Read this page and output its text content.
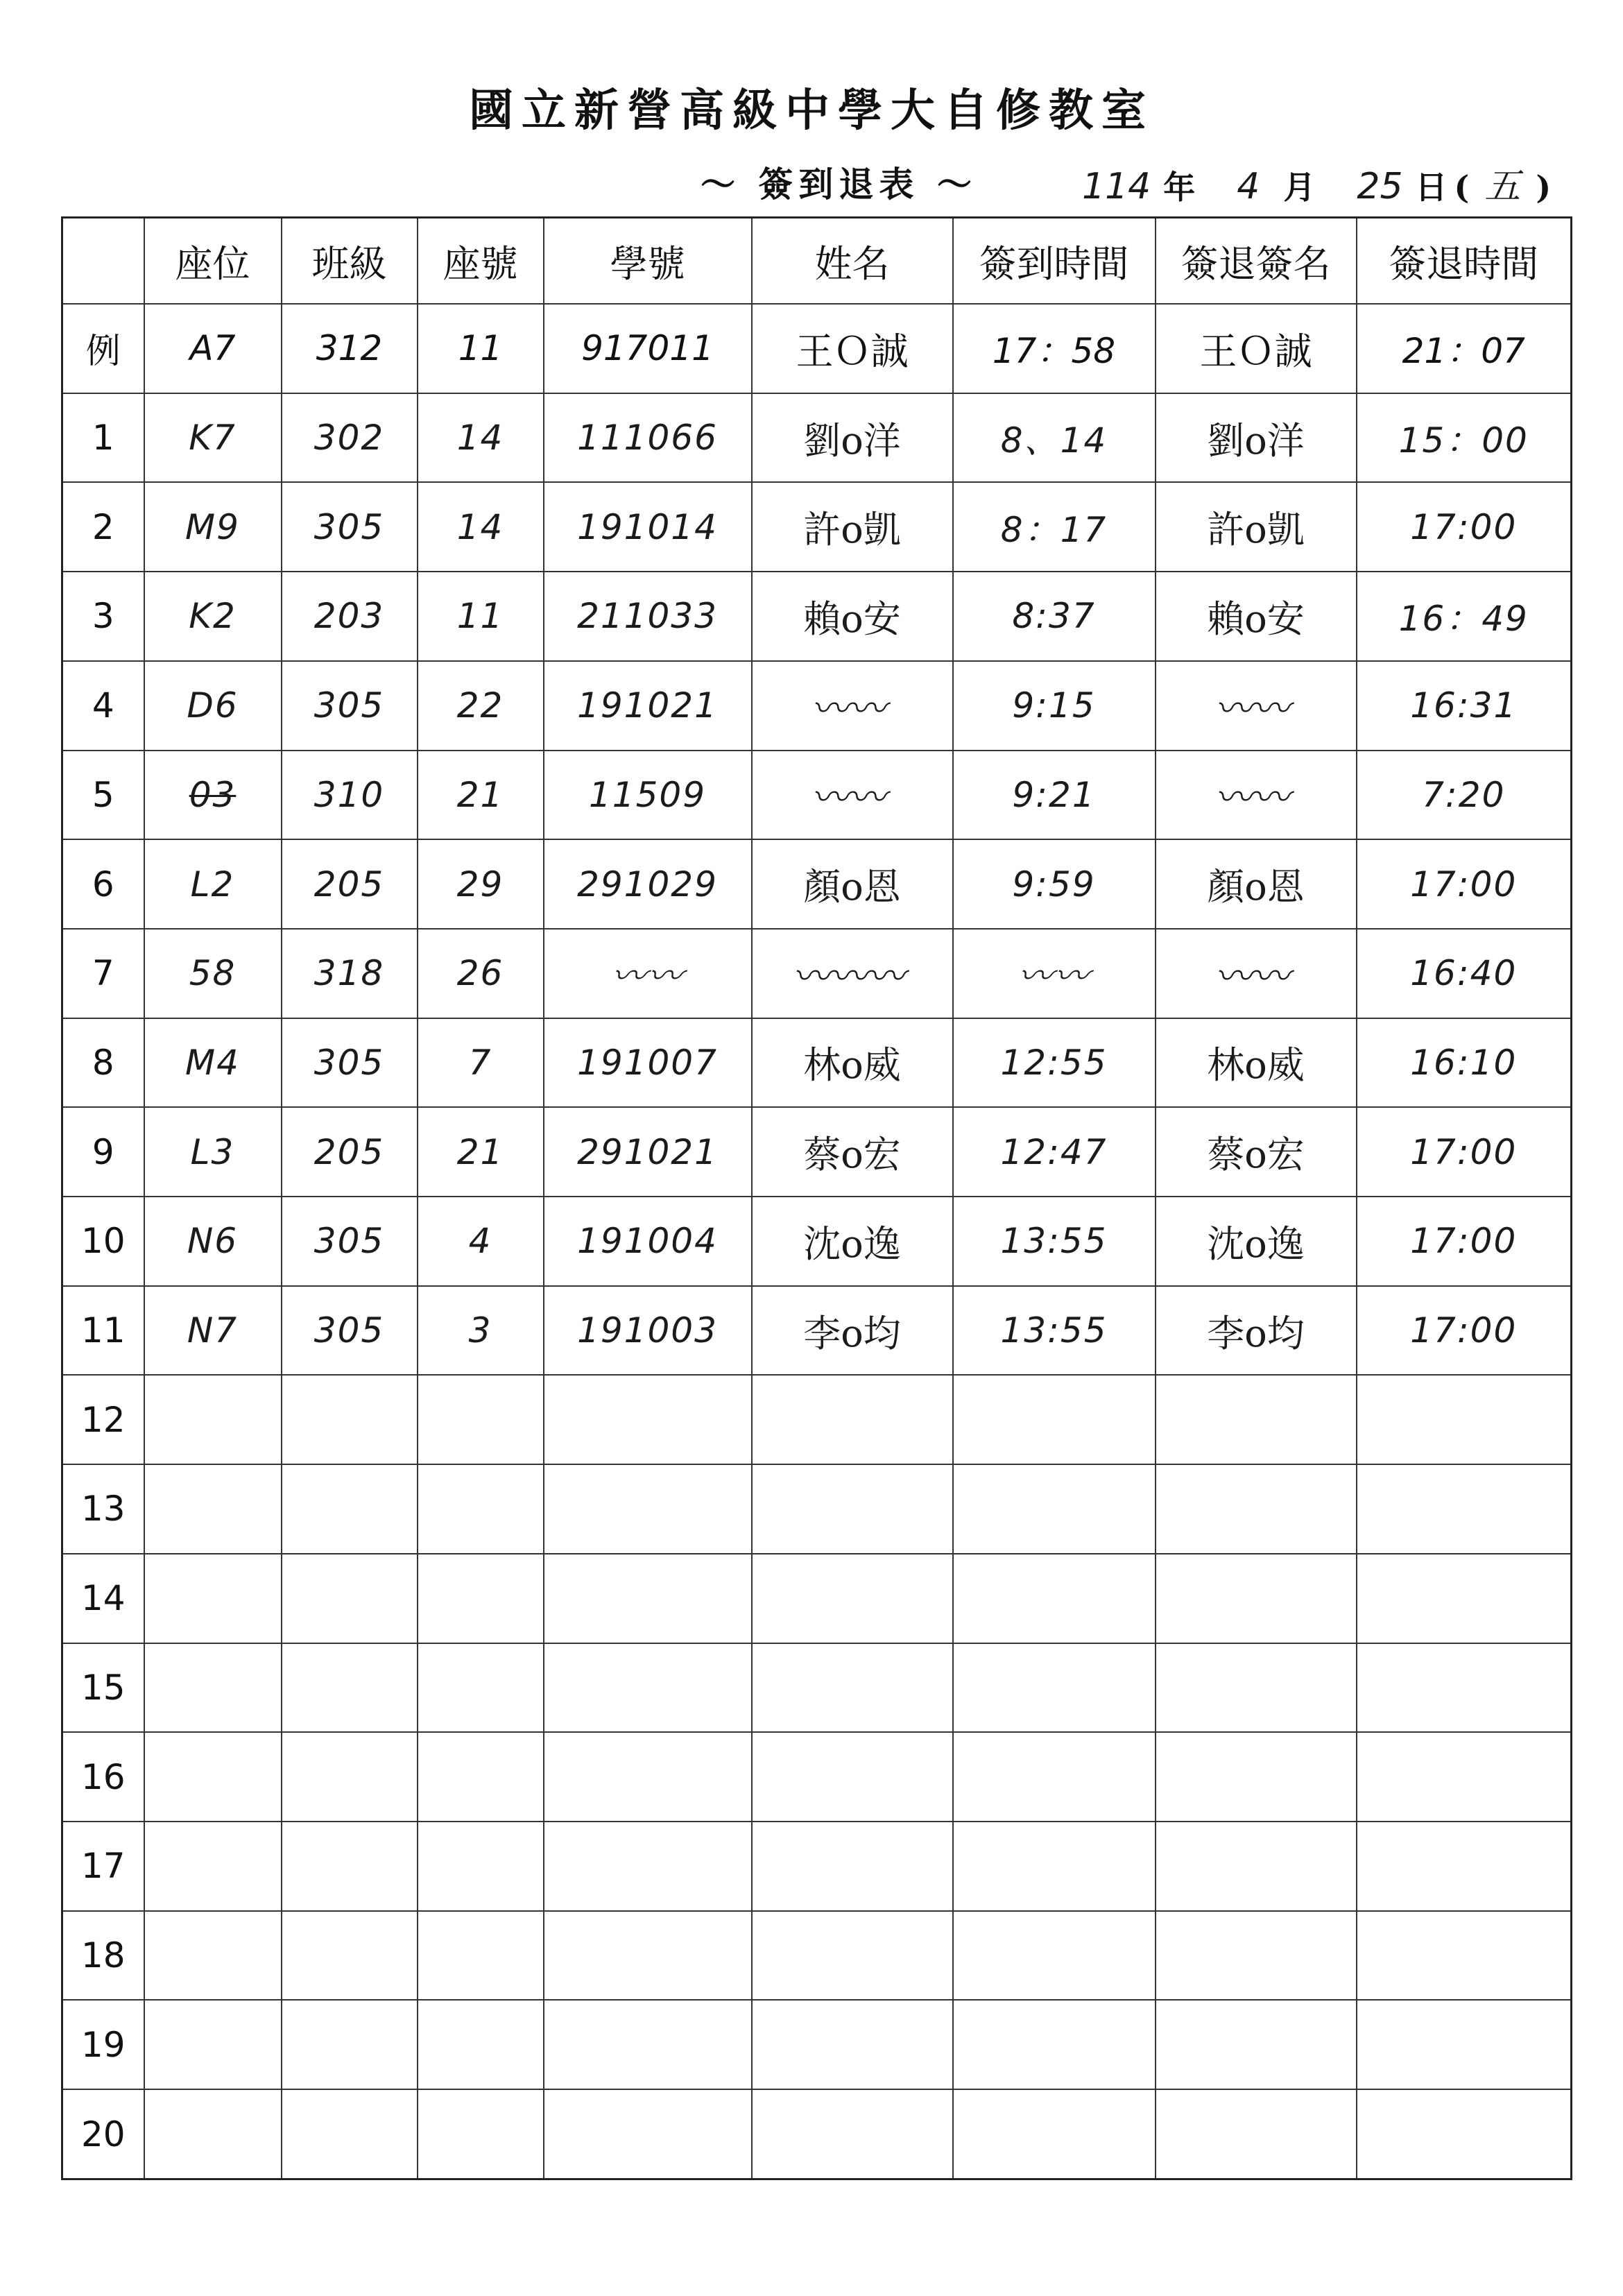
國立新營高級中學大自修教室
～ 簽到退表 ～	114 年 4 月 25 日 ( 五 )
	座位	班級	座號	學號	姓名	簽到時間	簽退簽名	簽退時間
例	A7	312	11	917011	王Ｏ誠	17：58	王Ｏ誠	21：07
1	K7	302	14	111066	劉o洋	8、14	劉o洋	15：00
2	M9	305	14	191014	許o凱	8：17	許o凱	17:00
3	K2	203	11	211033	賴o安	8:37	賴o安	16：49
4	D6	305	22	191021	〰〰	9:15	〰〰	16:31
5	03	310	21	11509	〰〰	9:21	〰〰	7:20
6	L2	205	29	291029	顏o恩	9:59	顏o恩	17:00
7	58	318	26	〰〰	〰〰〰	〰〰	〰〰	16:40
8	M4	305	7	191007	林o威	12:55	林o威	16:10
9	L3	205	21	291021	蔡o宏	12:47	蔡o宏	17:00
10	N6	305	4	191004	沈o逸	13:55	沈o逸	17:00
11	N7	305	3	191003	李o均	13:55	李o均	17:00
12								
13								
14								
15								
16								
17								
18								
19								
20								
